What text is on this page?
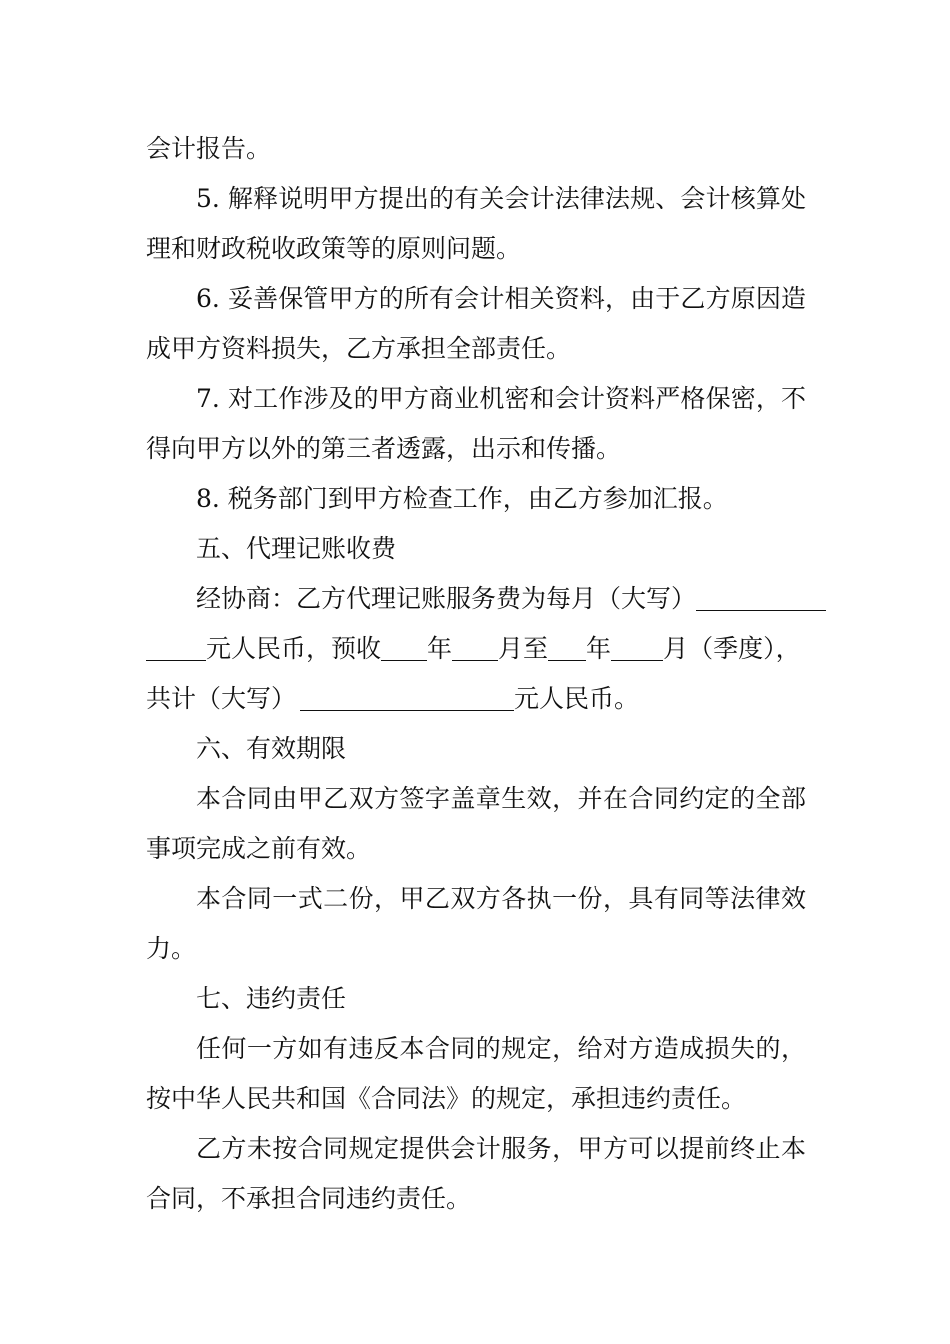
会计报告。
5. 解释说明甲方提出的有关会计法律法规、会计核算处
理和财政税收政策等的原则问题。
6. 妥善保管甲方的所有会计相关资料，由于乙方原因造
成甲方资料损失，乙方承担全部责任。
7. 对工作涉及的甲方商业机密和会计资料严格保密，不
得向甲方以外的第三者透露，出示和传播。
8. 税务部门到甲方检查工作，由乙方参加汇报。
五、代理记账收费
经协商：乙方代理记账服务费为每月（大写）
元人民币，预收 年 月至 年 月（季度），
共计（大写）	元人民币。
六、有效期限
本合同由甲乙双方签字盖章生效，并在合同约定的全部
事项完成之前有效。
本合同一式二份，甲乙双方各执一份，具有同等法律效
力。
七、违约责任
任何一方如有违反本合同的规定，给对方造成损失的，
按中华人民共和国《合同法》的规定，承担违约责任。
乙方未按合同规定提供会计服务，甲方可以提前终止本
合同，不承担合同违约责任。
